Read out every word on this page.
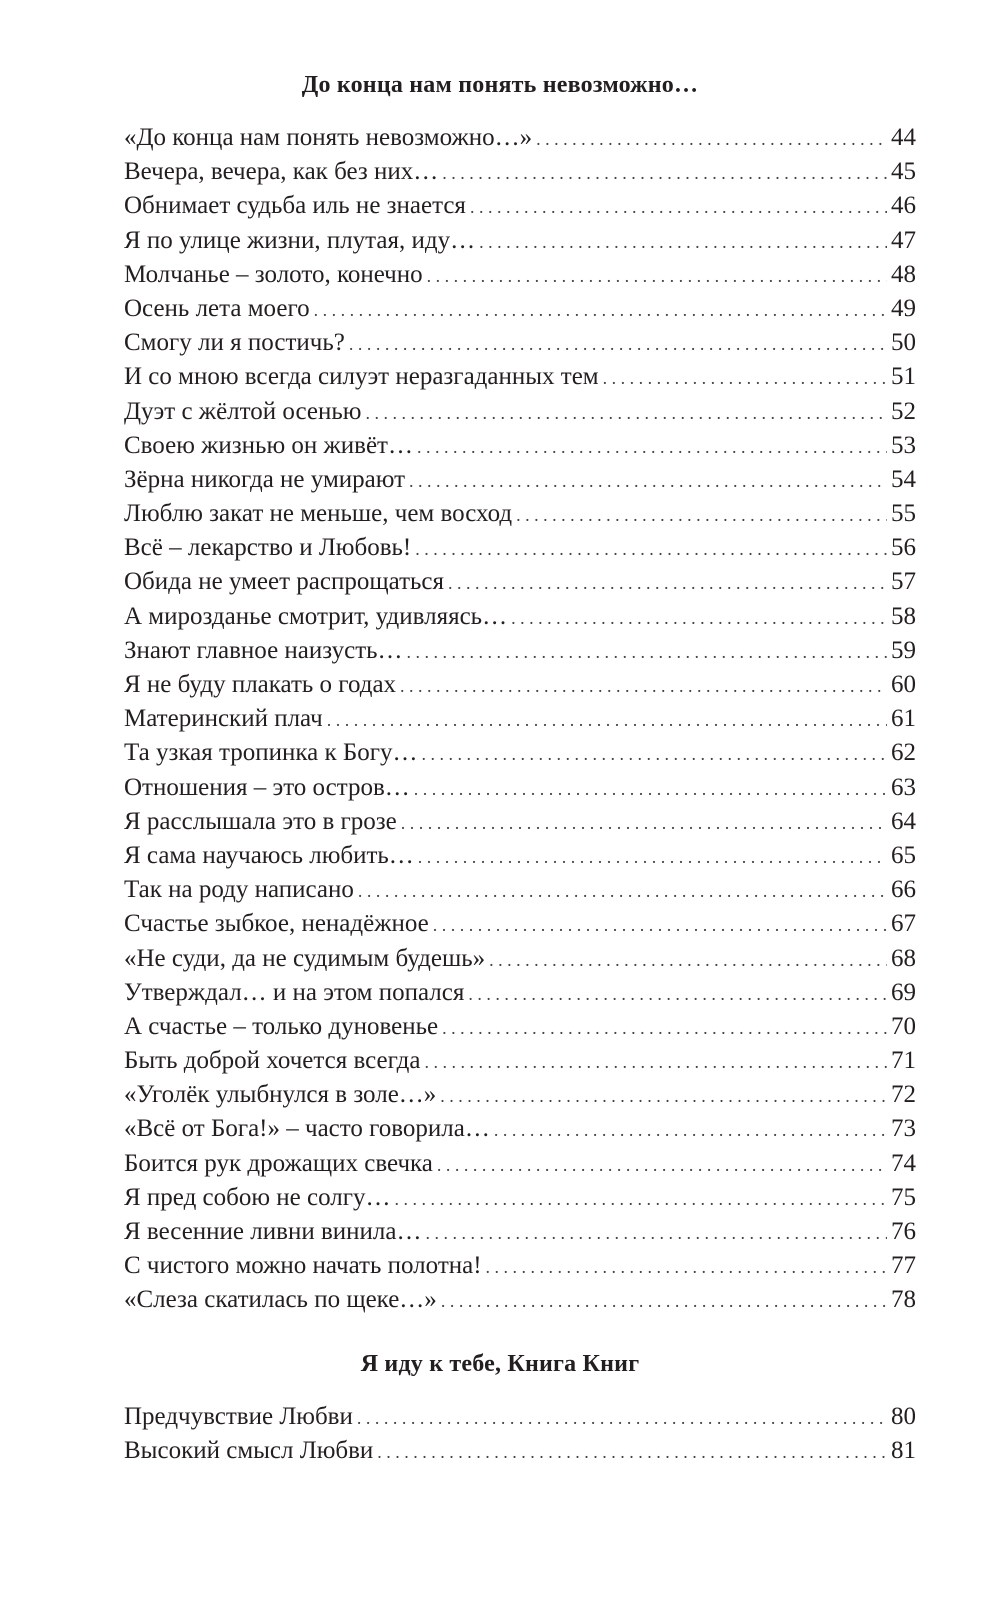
До конца нам понять невозможно…
«До конца нам понять невозможно…» . . .	44
Вечера, вечера, как без них… . . .	45
Обнимает судьба иль не знается . . .	46
Я по улице жизни, плутая, иду… . . .	47
Молчанье – золото, конечно . . .	48
Осень лета моего . . .	49
Смогу ли я постичь? . . .	50
И со мною всегда силуэт неразгаданных тем . . .	51
Дуэт с жёлтой осенью . . .	52
Своею жизнью он живёт… . . .	53
Зёрна никогда не умирают . . .	54
Люблю закат не меньше, чем восход . . .	55
Всё – лекарство и Любовь! . . .	56
Обида не умеет распрощаться . . .	57
А мирозданье смотрит, удивляясь… . . .	58
Знают главное наизусть… . . .	59
Я не буду плакать о годах . . .	60
Материнский плач . . .	61
Та узкая тропинка к Богу… . . .	62
Отношения – это остров… . . .	63
Я расслышала это в грозе . . .	64
Я сама научаюсь любить… . . .	65
Так на роду написано . . .	66
Счастье зыбкое, ненадёжное . . .	67
«Не суди, да не судимым будешь» . . .	68
Утверждал… и на этом попался . . .	69
А счастье – только дуновенье . . .	70
Быть доброй хочется всегда . . .	71
«Уголёк улыбнулся в золе…» . . .	72
«Всё от Бога!» – часто говорила… . . .	73
Боится рук дрожащих свечка . . .	74
Я пред собою не солгу… . . .	75
Я весенние ливни винила… . . .	76
С чистого можно начать полотна! . . .	77
«Слеза скатилась по щеке…» . . .	78
Я иду к тебе, Книга Книг
Предчувствие Любви . . .	80
Высокий смысл Любви . . .	81
